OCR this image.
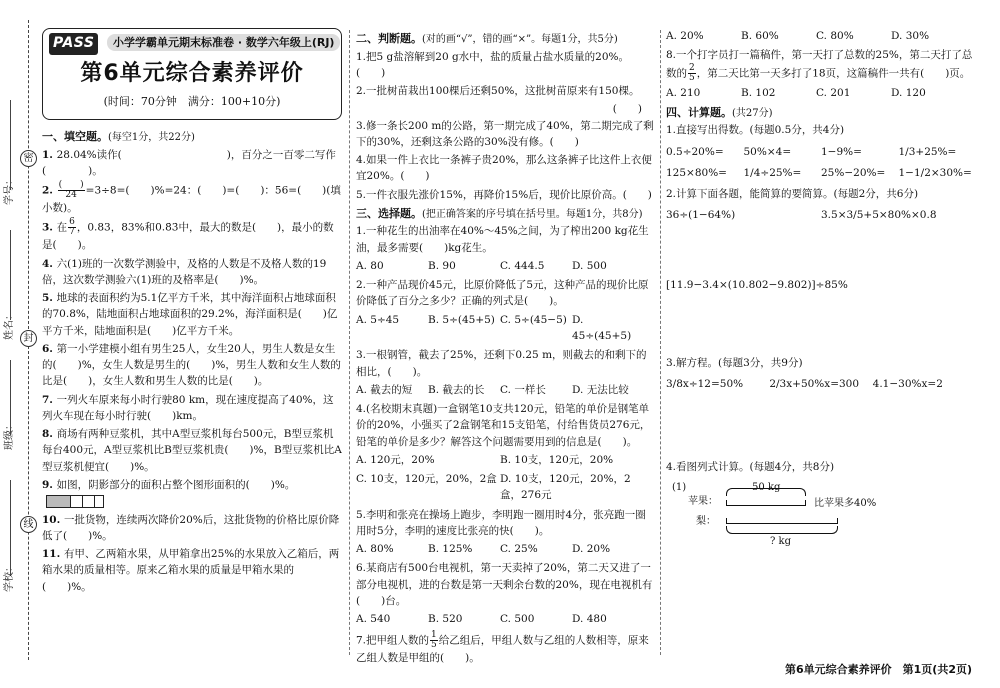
密
封
线
学号：
姓名：
班级：
学校：
PASS	小学学霸单元期末标准卷 · 数学六年级上(RJ)
第6单元综合素养评价
(时间：70分钟　满分：100+10分)
一、填空题。(每空1分，共22分)
1. 28.04%读作(　　　　　　　　　　)，百分之一百零二写作(　　　　)。
2. $\frac{( )}{24} =3\div 8=$(　　)%=24：(　　)=(　　)：56=(　　)(填小数)。
3. 在 $\frac{6}{7}$ ，0.83，83%和0.8̇3̇中，最大的数是(　　)，最小的数是(　　)。
4. 六(1)班的一次数学测验中，及格的人数是不及格人数的19倍，这次数学测验六(1)班的及格率是(　　)%。
5. 地球的表面积约为5.1亿平方千米，其中海洋面积占地球面积的70.8%，陆地面积占地球面积的29.2%，海洋面积是(　　)亿平方千米，陆地面积是(　　)亿平方千米。
6. 第一小学建模小组有男生25人，女生20人，男生人数是女生的(　　)%，女生人数是男生的(　　)%，男生人数和女生人数的比是(　　)，女生人数和男生人数的比是(　　)。
7. 一列火车原来每小时行驶80 km，现在速度提高了40%，这列火车现在每小时行驶(　　)km。
8. 商场有两种豆浆机，其中A型豆浆机每台500元，B型豆浆机每台400元，A型豆浆机比B型豆浆机贵(　　)%，B型豆浆机比A型豆浆机便宜(　　)%。
9. 如图，阴影部分的面积占整个图形面积的(　　)%。
10. 一批货物，连续两次降价20%后，这批货物的价格比原价降低了(　　)%。
11. 有甲、乙两箱水果，从甲箱拿出25%的水果放入乙箱后，两箱水果的质量相等。原来乙箱水果的质量是甲箱水果的(　　)%。
二、判断题。(对的画“√”，错的画“×”。每题1分，共5分)
1.把5 g盐溶解到20 g水中，盐的质量占盐水质量的20%。(　　)
2.一批树苗栽出100棵后还剩50%，这批树苗原来有150棵。
(　　)
3.修一条长200 m的公路，第一期完成了40%，第二期完成了剩下的30%，还剩这条公路的30%没有修。(　　)
4.如果一件上衣比一条裤子贵20%，那么这条裤子比这件上衣便宜20%。(　　)
5.一件衣服先涨价15%，再降价15%后，现价比原价高。(　　)
三、选择题。(把正确答案的序号填在括号里。每题1分，共8分)
1.一种花生的出油率在40%～45%之间，为了榨出200 kg花生油，最多需要(　　)kg花生。
A. 80	B. 90	C. 444.5	D. 500
2.一种产品现价45元，比原价降低了5元，这种产品的现价比原价降低了百分之多少？正确的列式是(　　)。
A. 5÷45	B. 5÷(45+5) C. 5÷(45−5) D. 45÷(45+5)
3.一根钢管，截去了25%，还剩下0.25 m，则截去的和剩下的相比，(　　)。
A. 截去的短	B. 截去的长	C. 一样长	D. 无法比较
4.(名校期末真题)一盒钢笔10支共120元，铅笔的单价是钢笔单价的20%，小强买了2盒钢笔和15支铅笔，付给售货员276元，铅笔的单价是多少？解答这个问题需要用到的信息是(　　)。
A. 120元，20%	B. 10支，120元，20%
C. 10支，120元，20%，2盒 D. 10支，120元，20%，2盒，276元
5.李明和张亮在操场上跑步，李明跑一圈用时4分，张亮跑一圈用时5分，李明的速度比张亮的快(　　)。
A. 80%	B. 125%	C. 25%	D. 20%
6.某商店有500台电视机，第一天卖掉了20%，第二天又进了一部分电视机，进的台数是第一天剩余台数的20%，现在电视机有(　　)台。
A. 540	B. 520	C. 500	D. 480
7.把甲组人数的 $\frac{1}{5}$ 给乙组后，甲组人数与乙组的人数相等，原来乙组人数是甲组的(　　)。
A. 20%	B. 60%	C. 80%	D. 30%
8.一个打字员打一篇稿件，第一天打了总数的25%，第二天打了总数的 $\frac{2}{5}$ ，第二天比第一天多打了18页，这篇稿件一共有(　　)页。
A. 210	B. 102	C. 201	D. 120
四、计算题。(共27分)
1.直接写出得数。(每题0.5分，共4分)
0.5÷20%=	50%×4=	1−9%=	1/3+25%=
125×80%=	1/4÷25%=	25%−20%=	1−1/2×30%=
2.计算下面各题，能简算的要简算。(每题2分，共6分)
36÷(1−64%)	3.5×3/5+5×80%×0.8
[11.9−3.4×(10.802−9.802)]÷85%
3.解方程。(每题3分，共9分)
3/8x÷12=50%	2/3x+50%x=300	4.1−30%x=2
4.看图列式计算。(每题4分，共8分)
(1)	50 kg
苹果：	比苹果多40%
梨：
? kg
第6单元综合素养评价　第1页(共2页)
